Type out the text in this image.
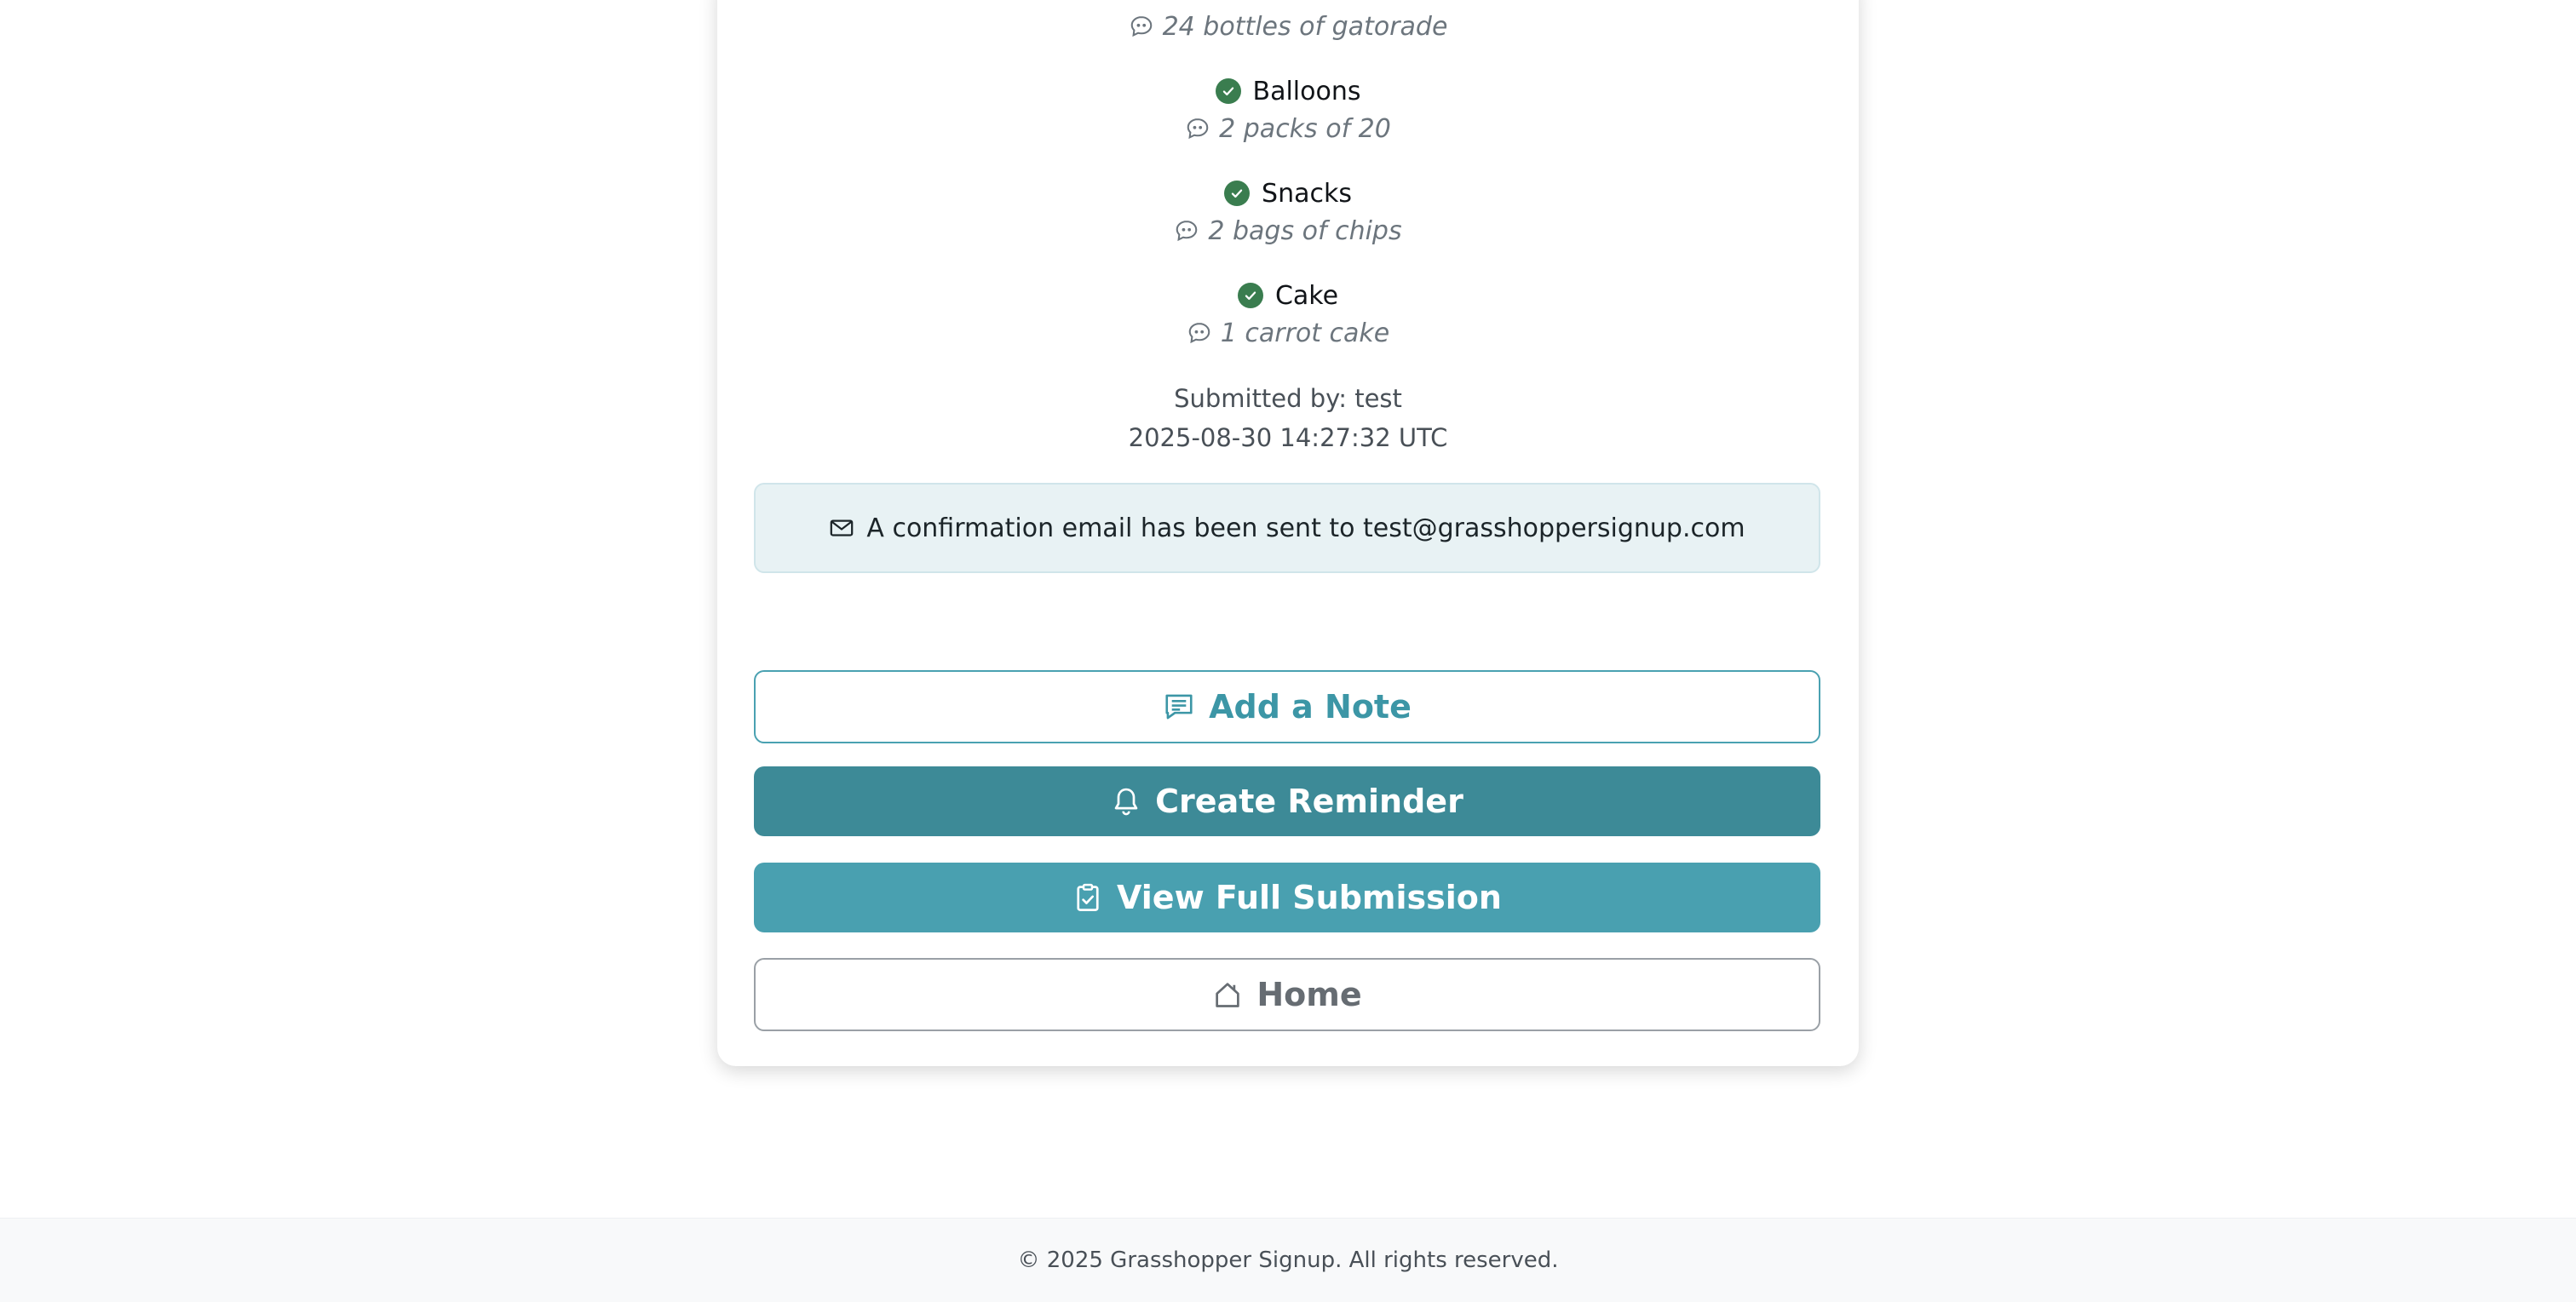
24 bottles of gatorade
Balloons
2 packs of 20
Snacks
2 bags of chips
Cake
1 carrot cake
Submitted by: test
2025-08-30 14:27:32 UTC
A confirmation email has been sent to test@grasshoppersignup.com
Add a Note
Create Reminder
View Full Submission
Home
© 2025 Grasshopper Signup. All rights reserved.
